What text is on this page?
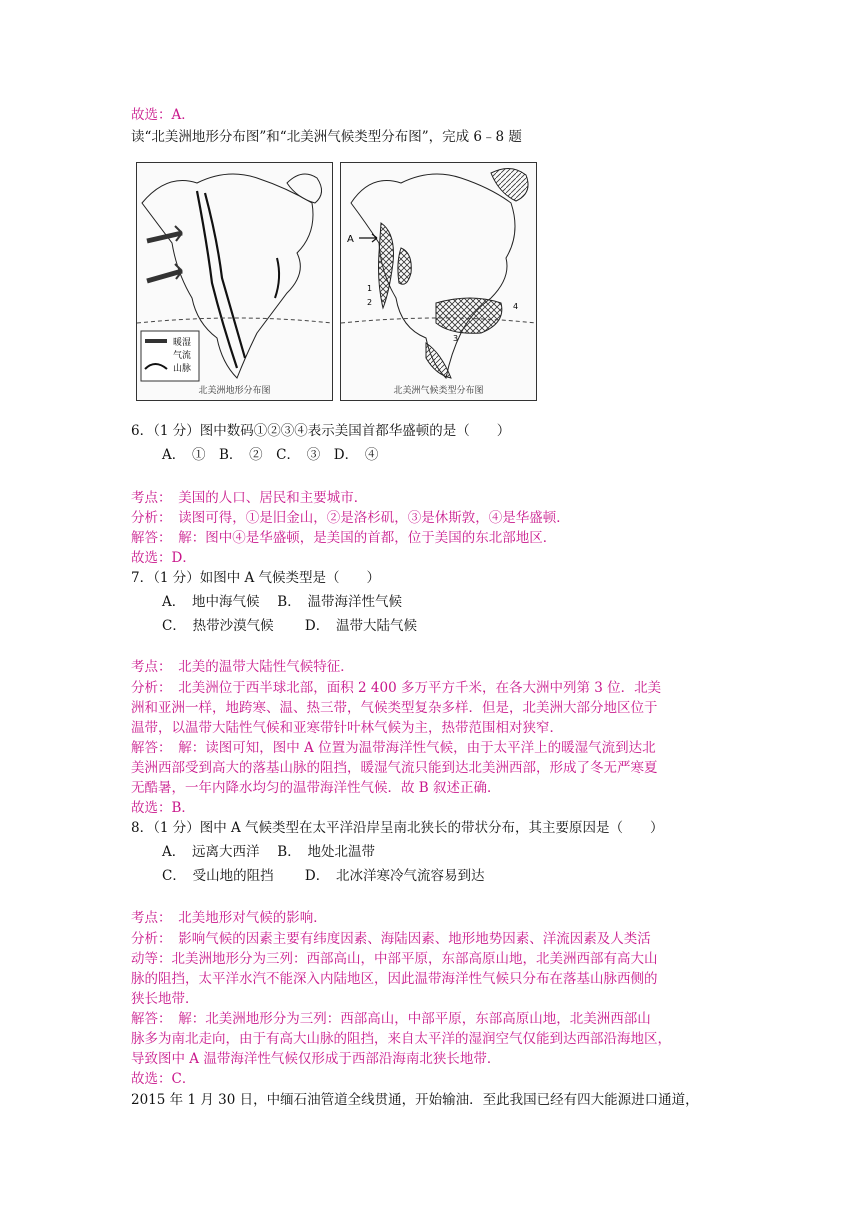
故选：A．
读“北美洲地形分布图”和“北美洲气候类型分布图”，完成 6﹣8 题
暖湿
气流
山脉
北美洲地形分布图
A
1
2
3
4
北美洲气候类型分布图
6．（1 分）图中数码①②③④表示美国首都华盛顿的是（　　）
A．　①　B．　②　C．　③　D．　④
考点：　美国的人口、居民和主要城市．
分析：　读图可得，①是旧金山，②是洛杉矶，③是休斯敦，④是华盛顿．
解答：　解：图中④是华盛顿，是美国的首都，位于美国的东北部地区．
故选：D．
7．（1 分）如图中 A 气候类型是（　　）
A．　地中海气候　 B．　温带海洋性气候
C．　热带沙漠气候　　 D．　温带大陆气候
考点：　北美的温带大陆性气候特征．
分析：　北美洲位于西半球北部，面积 2 400 多万平方千米，在各大洲中列第 3 位．北美
洲和亚洲一样，地跨寒、温、热三带，气候类型复杂多样．但是，北美洲大部分地区位于
温带，以温带大陆性气候和亚寒带针叶林气候为主，热带范围相对狭窄．
解答：　解：读图可知，图中 A 位置为温带海洋性气候，由于太平洋上的暖湿气流到达北
美洲西部受到高大的落基山脉的阻挡，暖湿气流只能到达北美洲西部，形成了冬无严寒夏
无酷暑，一年内降水均匀的温带海洋性气候．故 B 叙述正确．
故选：B．
8．（1 分）图中 A 气候类型在太平洋沿岸呈南北狭长的带状分布，其主要原因是（　　）
A．　远离大西洋　 B．　地处北温带
C．　受山地的阻挡　　 D．　北冰洋寒冷气流容易到达
考点：　北美地形对气候的影响．
分析：　影响气候的因素主要有纬度因素、海陆因素、地形地势因素、洋流因素及人类活
动等：北美洲地形分为三列：西部高山，中部平原，东部高原山地，北美洲西部有高大山
脉的阻挡，太平洋水汽不能深入内陆地区，因此温带海洋性气候只分布在落基山脉西侧的
狭长地带．
解答：　解：北美洲地形分为三列：西部高山，中部平原，东部高原山地，北美洲西部山
脉多为南北走向，由于有高大山脉的阻挡，来自太平洋的湿润空气仅能到达西部沿海地区，
导致图中 A 温带海洋性气候仅形成于西部沿海南北狭长地带．
故选：C．
2015 年 1 月 30 日，中缅石油管道全线贯通，开始输油．至此我国已经有四大能源进口通道，
